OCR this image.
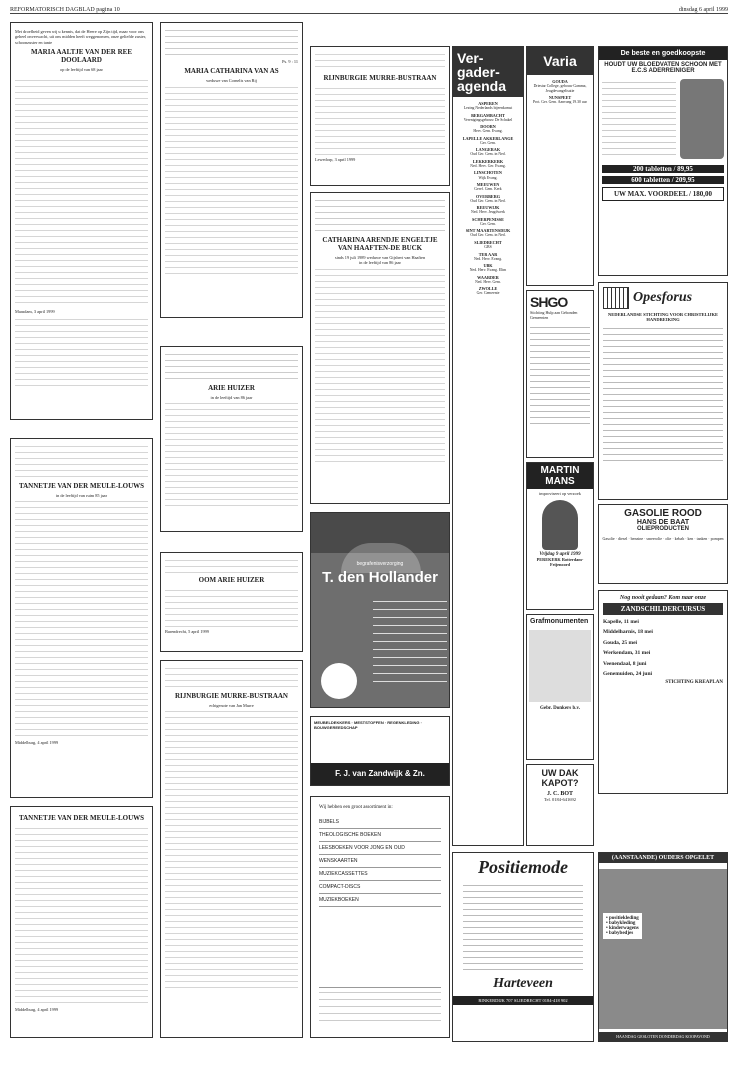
REFORMATORISCH DAGBLAD pagina 10	dinsdag 6 april 1999
Met droefheid geven wij u kennis, dat de Heere op Zijn tijd, maar voor ons geheel onverwacht, uit ons midden heeft weggenomen, onze geliefde zuster, schoonzuster en tante
MARIA AALTJE VAN DER REE DOOLAARD
op de leeftijd van 68 jaar
Maasdam, 3 april 1999
TANNETJE VAN DER MEULE-LOUWS
in de leeftijd van ruim 85 jaar
Middelburg, 4 april 1999
TANNETJE VAN DER MEULE-LOUWS
Middelburg, 4 april 1999
Ps. 9 : 11
MARIA CATHARINA VAN AS
weduwe van Cornelis van Rij
ARIE HUIZER
in de leeftijd van 86 jaar
OOM ARIE HUIZER
Barendrecht, 5 april 1999
RIJNBURGIE MURRE-BUSTRAAN
echtgenote van Jan Murre
RIJNBURGIE MURRE-BUSTRAAN
Lewedorp, 3 april 1999
CATHARINA ARENDJE ENGELTJE VAN HAAFTEN-DE BUCK
sinds 19 juli 1989 weduwe van Gijsbert van Haaften
in de leeftijd van 86 jaar
begrafenisverzorging
T. den Hollander
MEUBELDEKKERS · MESTSTOFFEN · REGENKLEDING · BOUWGEREEDSCHAP
F. J. van Zandwijk & Zn.
Wij hebben een groot assortiment in:
BIJBELS
THEOLOGISCHE BOEKEN
LEESBOEKEN VOOR JONG EN OUD
WENSKAARTEN
MUZIEKCASSETTES
COMPACT-DISCS
MUZIEKBOEKEN
Ver-gader-agenda
ASPEREN
Lezing Nederlands bijeenkomst
BERGAMBACHT
Verenigingsgebouw De Schakel
DOORN
Herv. Gem. Evang.
LAPELLE AKKERLANGE
Ger. Gem.
LANGERAK
Oud Ger. Gem. in Ned.
LEKKERKERK
Ned. Herv. Ger. Evang.
LINSCHOTEN
Wijk Evang.
MEEUWEN
Geref. Gem. Kerk
OVERBERG
Oud Ger. Gem. in Ned.
REEUWIJK
Ned. Herv. Jeugdwerk
SCHERPENISSE
Ger. Gem.
SINT MAARTENSDIJK
Oud Ger. Gem. in Ned.
SLIEDRECHT
GBS
TER AAR
Ned. Herv. Evang.
UBK
Ned. Herv. Evang. Elim
WAARDER
Ned. Herv. Gem.
ZWOLLE
Ger. Gemeente
Varia
GOUDA
Driestar College, gebouw Gamma, Jeugdevangelisatie
NUNSPEET
Prot. Ger. Gem. Aanvang 19.30 uur
SHGO
Stichting Hulp aan Gebonden Gemeenten
MARTIN MANS
improviseert op verzoek
Vrijdag 9 april 1999
PEREKERK Rotterdam-Feijenoord
Grafmonumenten
Gebr. Donkers b.v.
UW DAK KAPOT?
J. C. BOT
Tel. 0184-641692
De beste en goedkoopste
HOUDT UW BLOEDVATEN SCHOON MET E.C.S ADERREINIGER
200 tabletten / 89,95
600 tabletten / 209,95
UW MAX. VOORDEEL / 180,00
Opesforus
NEDERLANDSE STICHTING VOOR CHRISTELIJKE HANDREIKING
GASOLIE ROOD
HANS DE BAAT
OLIEPRODUCTEN
Gasolie · diesel · benzine · smeerolie · olie · kebab · ken · tanken · pompen
Nog nooit gedaan? Kom naar onze
ZANDSCHILDERCURSUS
Kapelle, 11 mei
Middelharnis, 18 mei
Gouda, 25 mei
Werkendam, 31 mei
Veenendaal, 8 juni
Genemuiden, 24 juni
STICHTING KREAPLAN
Positiemode
Harteveen
RINKERDIJK 707 SLIEDRECHT 0184-418 902
(AANSTAANDE) OUDERS OPGELET
• positiekleding
• babykleding
• kinderwagens
• babybedjes
HAANDAG GESLOTEN DONDERDAG KOOPAVOND
